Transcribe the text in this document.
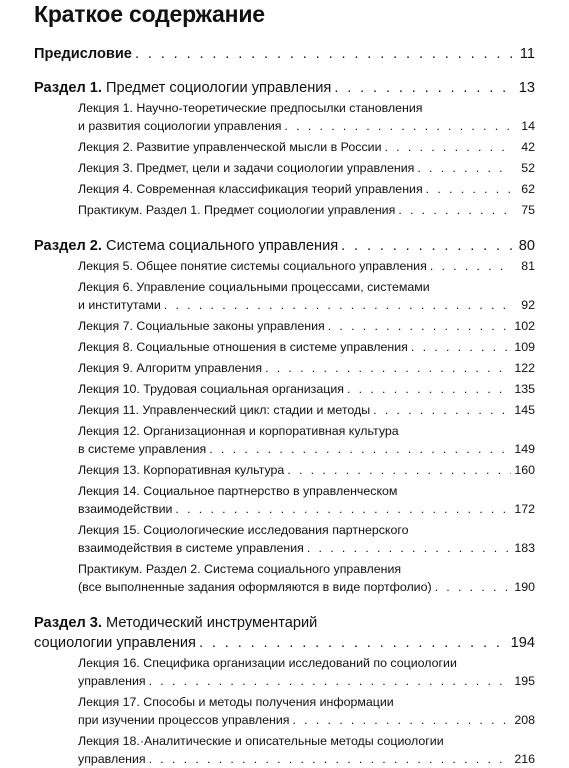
Краткое содержание
Предисловие . . .	11
Раздел 1. Предмет социологии управления . . .	13
Лекция 1. Научно-теоретические предпосылки становления
и развития социологии управления . . .	14
Лекция 2. Развитие управленческой мысли в России . . .	42
Лекция 3. Предмет, цели и задачи социологии управления . . .	52
Лекция 4. Современная классификация теорий управления . . .	62
Практикум. Раздел 1. Предмет социологии управления . . .	75
Раздел 2. Система социального управления . . .	80
Лекция 5. Общее понятие системы социального управления . . .	81
Лекция 6. Управление социальными процессами, системами
и институтами . . .	92
Лекция 7. Социальные законы управления . . .	102
Лекция 8. Социальные отношения в системе управления . . .	109
Лекция 9. Алгоритм управления . . .	122
Лекция 10. Трудовая социальная организация . . .	135
Лекция 11. Управленческий цикл: стадии и методы . . .	145
Лекция 12. Организационная и корпоративная культура
в системе управления . . .	149
Лекция 13. Корпоративная культура . . .	160
Лекция 14. Социальное партнерство в управленческом
взаимодействии . . .	172
Лекция 15. Социологические исследования партнерского
взаимодействия в системе управления . . .	183
Практикум. Раздел 2. Система социального управления
(все выполненные задания оформляются в виде портфолио) . . .	190
Раздел 3. Методический инструментарий
социологии управления . . .	194
Лекция 16. Специфика организации исследований по социологии
управления . . .	195
Лекция 17. Способы и методы получения информации
при изучении процессов управления . . .	208
Лекция 18.·Аналитические и описательные методы социологии
управления . . .	216
